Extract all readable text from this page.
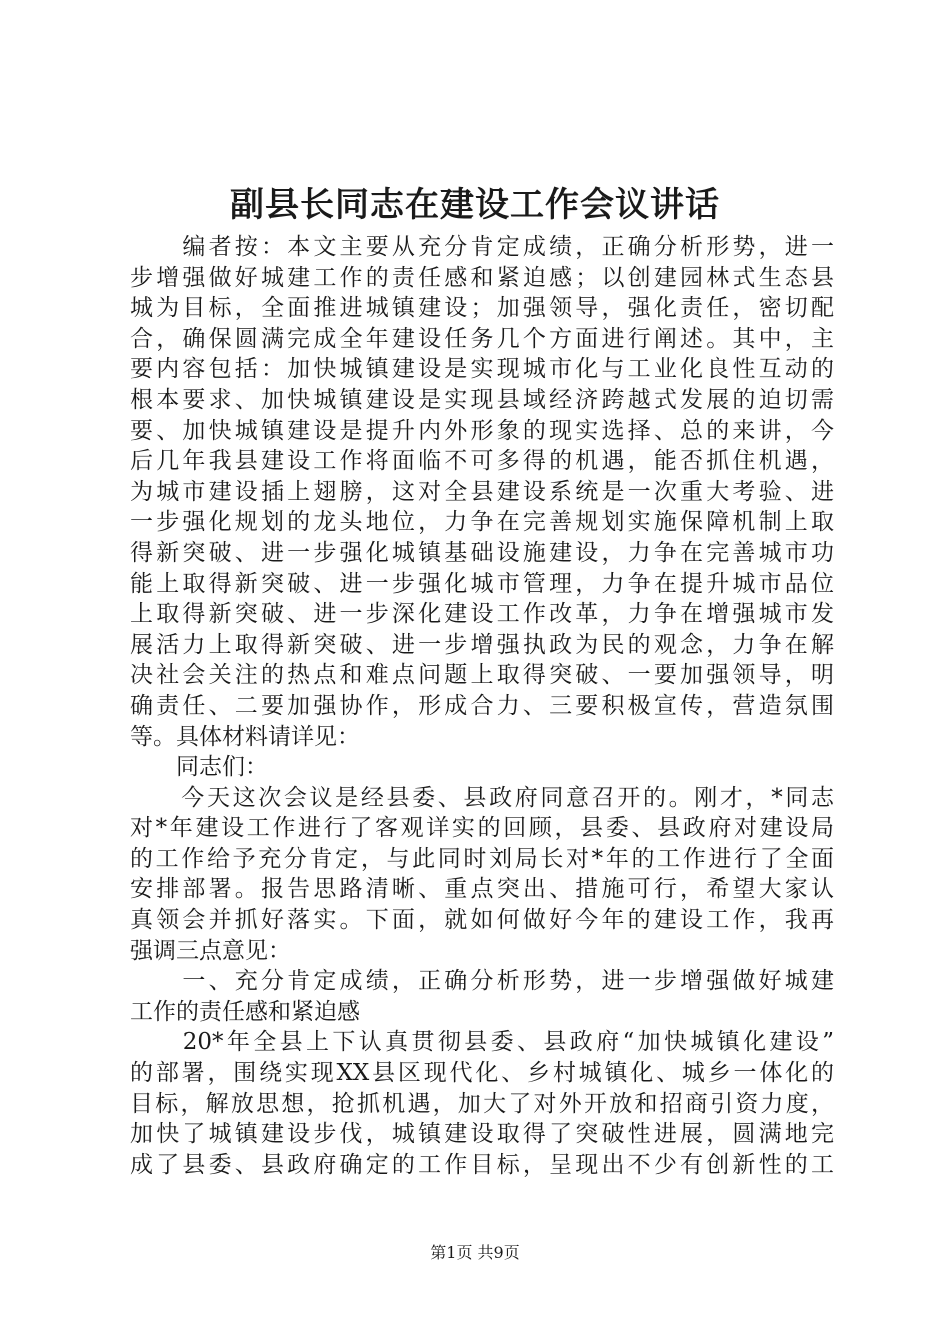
副县长同志在建设工作会议讲话
　　编者按：本文主要从充分肯定成绩，正确分析形势，进一
步增强做好城建工作的责任感和紧迫感；以创建园林式生态县
城为目标，全面推进城镇建设；加强领导，强化责任，密切配
合，确保圆满完成全年建设任务几个方面进行阐述。其中，主
要内容包括：加快城镇建设是实现城市化与工业化良性互动的
根本要求、加快城镇建设是实现县域经济跨越式发展的迫切需
要、加快城镇建设是提升内外形象的现实选择、总的来讲，今
后几年我县建设工作将面临不可多得的机遇，能否抓住机遇，
为城市建设插上翅膀，这对全县建设系统是一次重大考验、进
一步强化规划的龙头地位，力争在完善规划实施保障机制上取
得新突破、进一步强化城镇基础设施建设，力争在完善城市功
能上取得新突破、进一步强化城市管理，力争在提升城市品位
上取得新突破、进一步深化建设工作改革，力争在增强城市发
展活力上取得新突破、进一步增强执政为民的观念，力争在解
决社会关注的热点和难点问题上取得突破、一要加强领导，明
确责任、二要加强协作，形成合力、三要积极宣传，营造氛围
等。具体材料请详见：
　　同志们：
　　今天这次会议是经县委、县政府同意召开的。刚才，*同志
对*年建设工作进行了客观详实的回顾，县委、县政府对建设局
的工作给予充分肯定，与此同时刘局长对*年的工作进行了全面
安排部署。报告思路清晰、重点突出、措施可行，希望大家认
真领会并抓好落实。下面，就如何做好今年的建设工作，我再
强调三点意见：
　　一、充分肯定成绩，正确分析形势，进一步增强做好城建
工作的责任感和紧迫感
　　20*年全县上下认真贯彻县委、县政府“加快城镇化建设”
的部署，围绕实现XX县区现代化、乡村城镇化、城乡一体化的
目标，解放思想，抢抓机遇，加大了对外开放和招商引资力度，
加快了城镇建设步伐，城镇建设取得了突破性进展，圆满地完
成了县委、县政府确定的工作目标，呈现出不少有创新性的工
第1页 共9页
